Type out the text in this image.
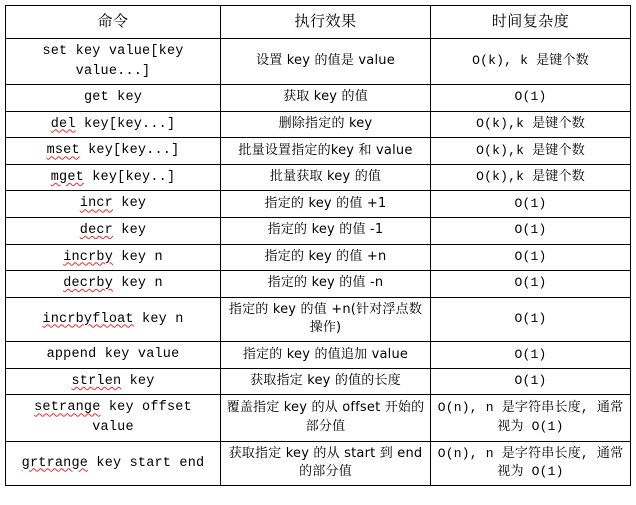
命令	执行效果	时间复杂度
set key value[key value...]	设置 key 的值是 value	O(k), k 是键个数
get key	获取 key 的值	O(1)
del key[key...]	删除指定的 key	O(k),k 是键个数
mset key[key...]	批量设置指定的key 和 value	O(k),k 是键个数
mget key[key..]	批量获取 key 的值	O(k),k 是键个数
incr key	指定的 key 的值 +1	O(1)
decr key	指定的 key 的值 -1	O(1)
incrby key n	指定的 key 的值 +n	O(1)
decrby key n	指定的 key 的值 -n	O(1)
incrbyfloat key n	指定的 key 的值 +n(针对浮点数操作)	O(1)
append key value	指定的 key 的值追加 value	O(1)
strlen key	获取指定 key 的值的长度	O(1)
setrange key offset value	覆盖指定 key 的从 offset 开始的部分值	O(n), n 是字符串长度, 通常视为 O(1)
grtrange key start end	获取指定 key 的从 start 到 end 的部分值	O(n), n 是字符串长度, 通常视为 O(1)
